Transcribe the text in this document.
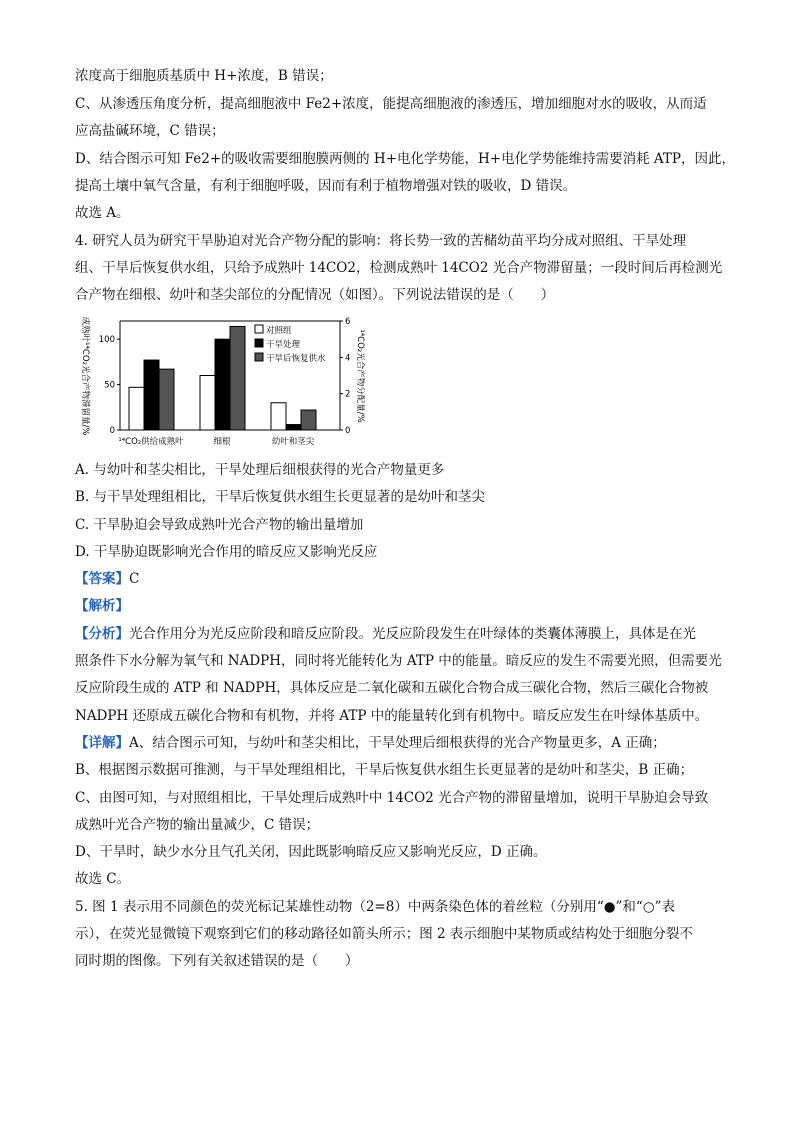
浓度高于细胞质基质中 H+浓度，B 错误；
C、从渗透压角度分析，提高细胞液中 Fe2+浓度，能提高细胞液的渗透压，增加细胞对水的吸收，从而适
应高盐碱环境，C 错误；
D、结合图示可知 Fe2+的吸收需要细胞膜两侧的 H+电化学势能，H+电化学势能维持需要消耗 ATP，因此，
提高土壤中氧气含量，有利于细胞呼吸，因而有利于植物增强对铁的吸收，D 错误。
故选 A。
4. 研究人员为研究干旱胁迫对光合产物分配的影响：将长势一致的苦槠幼苗平均分成对照组、干旱处理
组、干旱后恢复供水组，只给予成熟叶 14CO2，检测成熟叶 14CO2 光合产物滞留量；一段时间后再检测光
合产物在细根、幼叶和茎尖部位的分配情况（如图）。下列说法错误的是（　　）
成熟叶¹⁴CO₂光合产物滞留量/%	¹⁴CO₂光合产物分配量/%
0
50
100
0
2
4
6
对照组
干旱处理
干旱后恢复供水
¹⁴CO₂供给成熟叶	细根	幼叶和茎尖
A. 与幼叶和茎尖相比，干旱处理后细根获得的光合产物量更多
B. 与干旱处理组相比，干旱后恢复供水组生长更显著的是幼叶和茎尖
C. 干旱胁迫会导致成熟叶光合产物的输出量增加
D. 干旱胁迫既影响光合作用的暗反应又影响光反应
【答案】C
【解析】
【分析】光合作用分为光反应阶段和暗反应阶段。光反应阶段发生在叶绿体的类囊体薄膜上，具体是在光
照条件下水分解为氧气和 NADPH，同时将光能转化为 ATP 中的能量。暗反应的发生不需要光照，但需要光
反应阶段生成的 ATP 和 NADPH，具体反应是二氧化碳和五碳化合物合成三碳化合物，然后三碳化合物被
NADPH 还原成五碳化合物和有机物，并将 ATP 中的能量转化到有机物中。暗反应发生在叶绿体基质中。
【详解】A、结合图示可知，与幼叶和茎尖相比，干旱处理后细根获得的光合产物量更多，A 正确；
B、根据图示数据可推测，与干旱处理组相比，干旱后恢复供水组生长更显著的是幼叶和茎尖，B 正确；
C、由图可知，与对照组相比，干旱处理后成熟叶中 14CO2 光合产物的滞留量增加，说明干旱胁迫会导致
成熟叶光合产物的输出量减少，C 错误；
D、干旱时，缺少水分且气孔关闭，因此既影响暗反应又影响光反应，D 正确。
故选 C。
5. 图 1 表示用不同颜色的荧光标记某雄性动物（2=8）中两条染色体的着丝粒（分别用“●”和“○”表
示），在荧光显微镜下观察到它们的移动路径如箭头所示；图 2 表示细胞中某物质或结构处于细胞分裂不
同时期的图像。下列有关叙述错误的是（　　）
